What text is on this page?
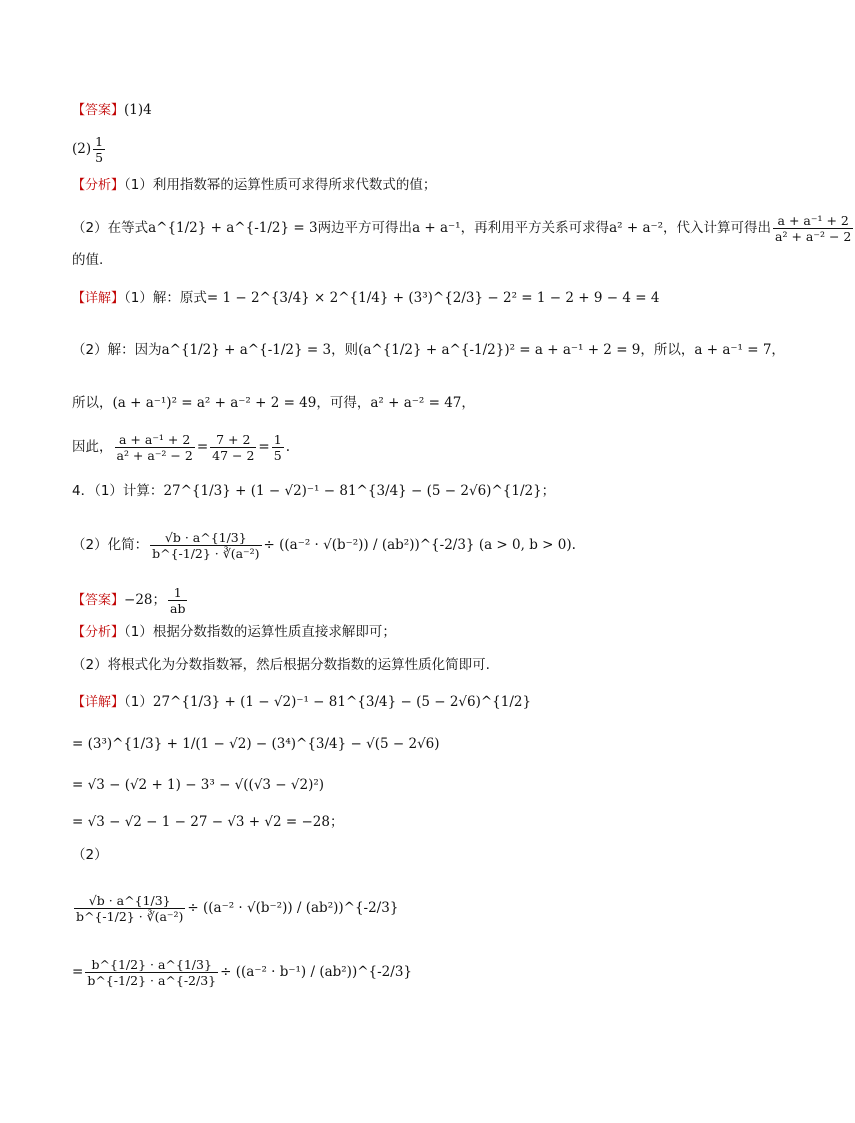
【答案】(1)4
$(2) \frac{1}{5}$
【分析】（1）利用指数幂的运算性质可求得所求代数式的值；
（2）在等式a^{1/2} + a^{-1/2} = 3两边平方可得出a + a⁻¹，再利用平方关系可求得a² + a⁻²，代入计算可得出 $\frac{\text{a + a⁻¹ + 2}}{\text{a² + a⁻² − 2}}$
的值.
【详解】（1）解：原式= 1 − 2^{3/4} × 2^{1/4} + (3³)^{2/3} − 2² = 1 − 2 + 9 − 4 = 4
（2）解：因为a^{1/2} + a^{-1/2} = 3，则(a^{1/2} + a^{-1/2})² = a + a⁻¹ + 2 = 9，所以，a + a⁻¹ = 7，
所以，(a + a⁻¹)² = a² + a⁻² + 2 = 49，可得，a² + a⁻² = 47，
因此， $\frac{\text{a + a⁻¹ + 2}}{\text{a² + a⁻² − 2}} = \frac{7 + 2}{47 - 2} = \frac{1}{5}$ .
4．（1）计算：27^{1/3} + (1 − √2)⁻¹ − 81^{3/4} − (5 − 2√6)^{1/2}；
（2）化简： $\frac{√b \cdot a\^{}\{1/3\}}{\text{b\textasciicircum{}\{-1/2\} · ∛(a⁻²)}} \div ((a^{-2} \cdot √(b^{-2}))$ / (ab²))^{-2/3} (a > 0, b > 0).
【答案】−28； $\frac{1}{ab}$
【分析】（1）根据分数指数的运算性质直接求解即可；
（2）将根式化为分数指数幂，然后根据分数指数的运算性质化简即可.
【详解】（1）27^{1/3} + (1 − √2)⁻¹ − 81^{3/4} − (5 − 2√6)^{1/2}
= (3³)^{1/3} + 1/(1 − √2) − (3⁴)^{3/4} − √(5 − 2√6)
= √3 − (√2 + 1) − 3³ − √((√3 − √2)²)
= √3 − √2 − 1 − 27 − √3 + √2 = −28；
（2）
$\frac{√b \cdot a\^{}\{1/3\}}{\text{b\textasciicircum{}\{-1/2\} · ∛(a⁻²)}} \div ((a^{-2} \cdot √(b^{-2}))$ / (ab²))^{-2/3}
= $\frac{b\^{}\{1/2\} \cdot a\^{}\{1/3\}}{b\^{}\{-1/2\} \cdot a\^{}\{-2/3\}} \div ((a^{-2} \cdot b^{-1})$ / (ab²))^{-2/3}
